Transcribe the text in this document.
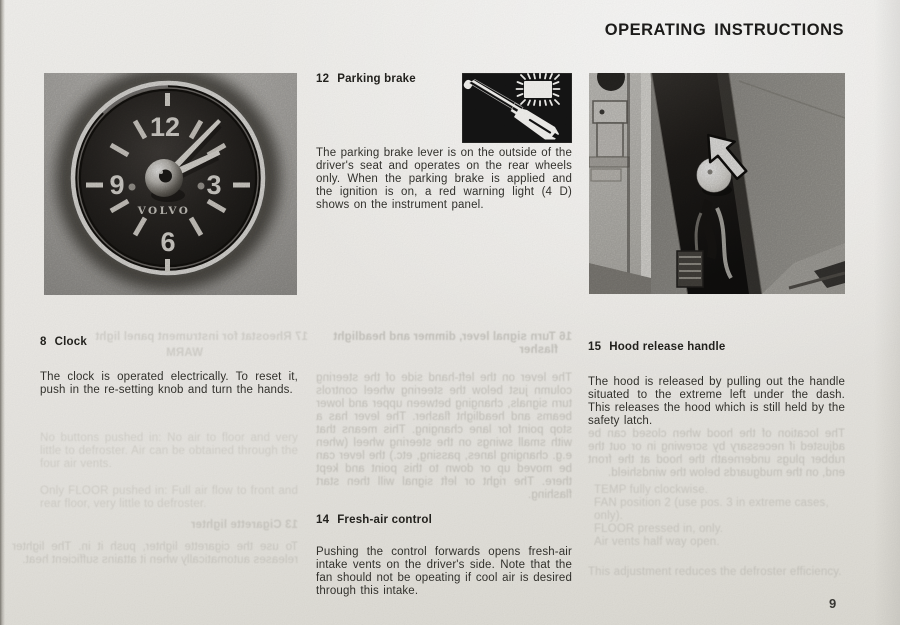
OPERATING INSTRUCTIONS
12
3
6
9
VOLVO
8 Clock
The clock is operated electrically. To reset it, push in the re-setting knob and turn the hands.
17 Rheostat for instrument panel light
WARM
No buttons pushed in: No air to floor and very little to defroster. Air can be obtained through the four air vents.
Only FLOOR pushed in: Full air flow to front and rear floor, very little to defroster.
13 Cigarette lighter
To use the cigarette lighter, push it in. The lighter releases automatically when it attains sufficient heat.
12 Parking brake
The parking brake lever is on the outside of the driver's seat and operates on the rear wheels only. When the parking brake is applied and the ignition is on, a red warning light (4 D) shows on the instrument panel.
16 Turn signal lever, dimmer and headlight flasher
The lever on the left-hand side of the steering column just below the steering wheel controls turn signals, changing between upper and lower beams and headlight flasher. The lever has a stop point for lane changing. This means that with small swings on the steering wheel (when e.g. changing lanes, passing, etc.) the lever can be moved up or down to this point and kept there. The right or left signal will then start flashing.
14 Fresh-air control
Pushing the control forwards opens fresh-air intake vents on the driver's side. Note that the fan should not be opeating if cool air is desired through this intake.
15 Hood release handle
The hood is released by pulling out the handle situated to the extreme left under the dash. This releases the hood which is still held by the safety latch.
The location of the hood when closed can be adjusted if necessary by screwing in or out the rubber plugs underneath the hood at the front end, on the mudguards below the windshield.
TEMP fully clockwise.
FAN position 2 (use pos. 3 in extreme cases, only).
FLOOR pressed in, only.
Air vents half way open.
This adjustment reduces the defroster efficiency.
9
